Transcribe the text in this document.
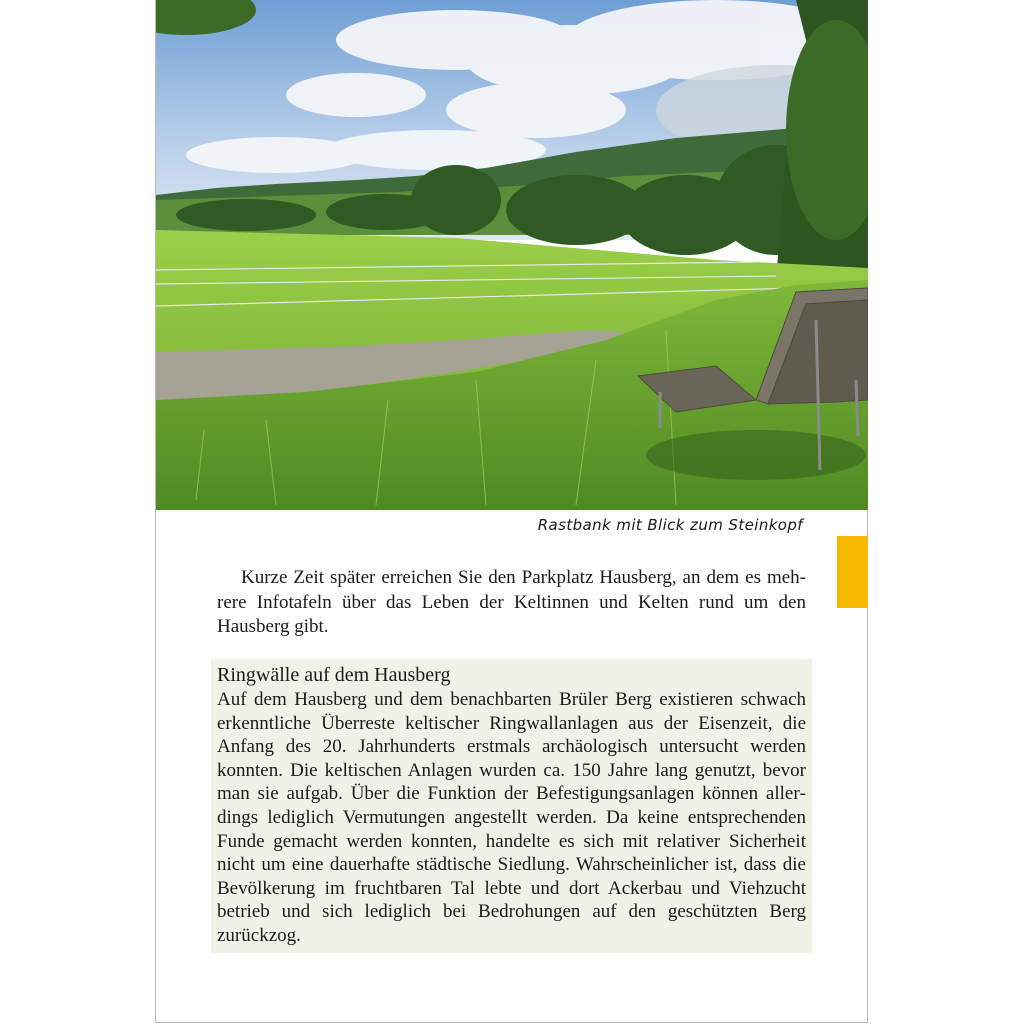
Rastbank mit Blick zum Steinkopf

Kurze Zeit später erreichen Sie den Parkplatz Hausberg, an dem es mehrere Infotafeln über das Leben der Keltinnen und Kelten rund um den Hausberg gibt.

Ringwälle auf dem Hausberg

Auf dem Hausberg und dem benachbarten Brüler Berg existieren schwach erkenntliche Überreste keltischer Ringwallanlagen aus der Eisenzeit, die Anfang des 20. Jahrhunderts erstmals archäologisch untersucht werden konnten. Die keltischen Anlagen wurden ca. 150 Jahre lang genutzt, bevor man sie aufgab. Über die Funktion der Befestigungsanlagen können allerdings lediglich Vermutungen angestellt werden. Da keine entsprechenden Funde gemacht werden konnten, handelte es sich mit relativer Sicherheit nicht um eine dauerhafte städtische Siedlung. Wahrscheinlicher ist, dass die Bevölkerung im fruchtbaren Tal lebte und dort Ackerbau und Viehzucht betrieb und sich lediglich bei Bedrohungen auf den geschützten Berg zurückzog.
